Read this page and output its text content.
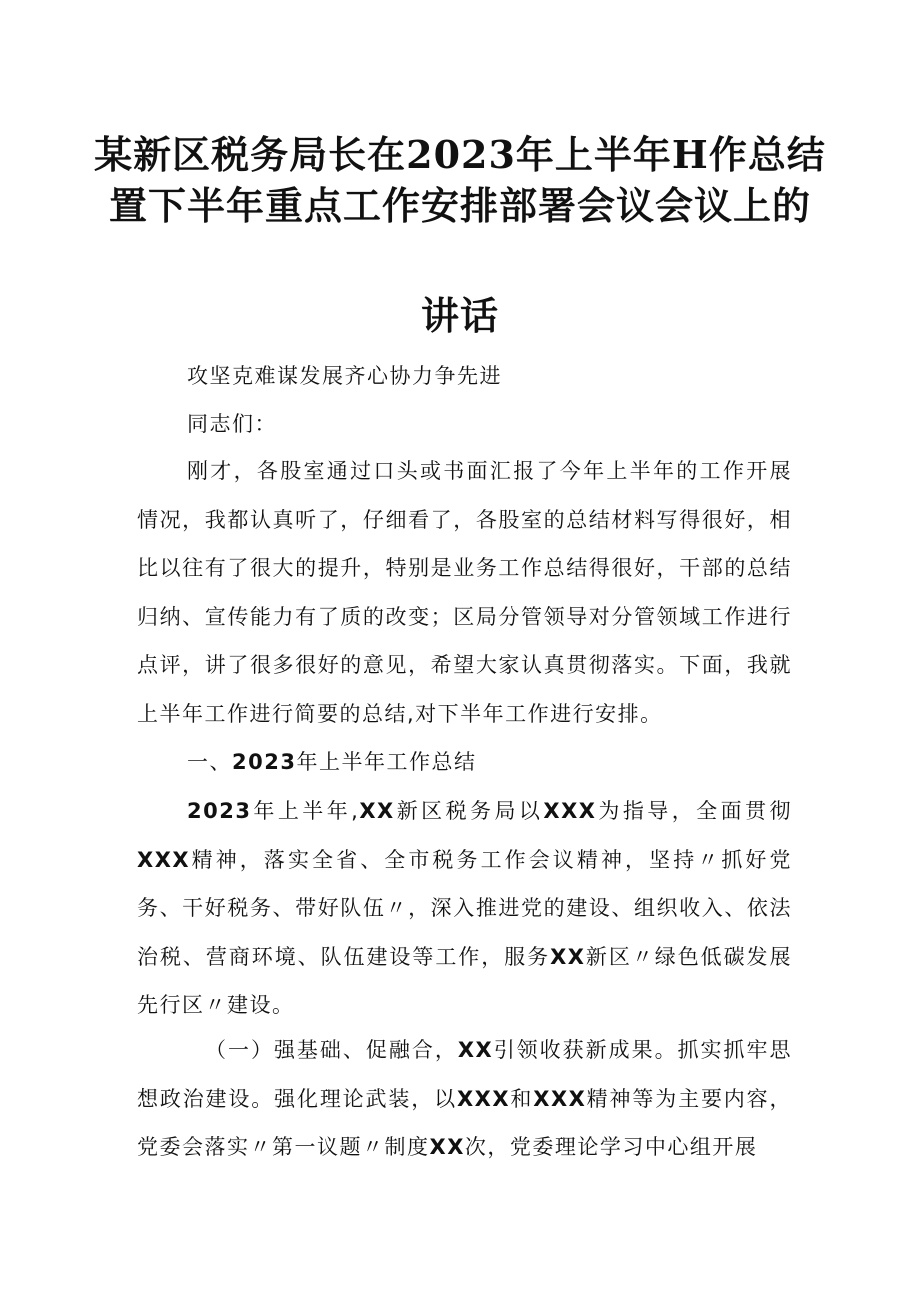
某新区税务局长在2023年上半年H作总结
置下半年重点工作安排部署会议会议上的
讲话

攻坚克难谋发展齐心协力争先进

同志们：

刚才，各股室通过口头或书面汇报了今年上半年的工作开展情况，我都认真听了，仔细看了，各股室的总结材料写得很好，相比以往有了很大的提升，特别是业务工作总结得很好，干部的总结归纳、宣传能力有了质的改变；区局分管领导对分管领域工作进行点评，讲了很多很好的意见，希望大家认真贯彻落实。下面，我就上半年工作进行简要的总结,对下半年工作进行安排。

一、2023年上半年工作总结

2023年上半年,XX新区税务局以XXX为指导，全面贯彻XXX精神，落实全省、全市税务工作会议精神，坚持〃抓好党务、干好税务、带好队伍〃，深入推进党的建设、组织收入、依法治税、营商环境、队伍建设等工作，服务XX新区〃绿色低碳发展先行区〃建设。

（一）强基础、促融合，XX引领收获新成果。抓实抓牢思想政治建设。强化理论武装，以XXX和XXX精神等为主要内容，党委会落实〃第一议题〃制度XX次，党委理论学习中心组开展
